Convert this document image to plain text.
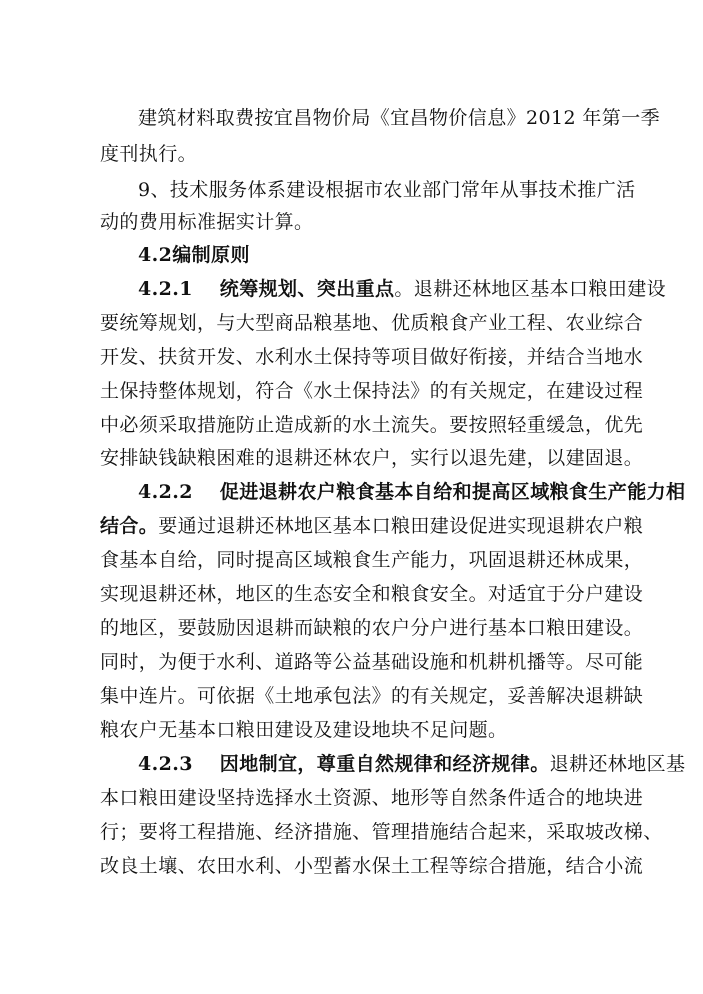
建筑材料取费按宜昌物价局《宜昌物价信息》2012 年第一季
度刊执行。
9、技术服务体系建设根据市农业部门常年从事技术推广活
动的费用标准据实计算。
4.2编制原则
4.2.1 统筹规划、突出重点。退耕还林地区基本口粮田建设
要统筹规划，与大型商品粮基地、优质粮食产业工程、农业综合
开发、扶贫开发、水利水土保持等项目做好衔接，并结合当地水
土保持整体规划，符合《水土保持法》的有关规定，在建设过程
中必须采取措施防止造成新的水土流失。要按照轻重缓急，优先
安排缺钱缺粮困难的退耕还林农户，实行以退先建，以建固退。
4.2.2 促进退耕农户粮食基本自给和提高区域粮食生产能力相
结合。要通过退耕还林地区基本口粮田建设促进实现退耕农户粮
食基本自给，同时提高区域粮食生产能力，巩固退耕还林成果，
实现退耕还林，地区的生态安全和粮食安全。对适宜于分户建设
的地区，要鼓励因退耕而缺粮的农户分户进行基本口粮田建设。
同时，为便于水利、道路等公益基础设施和机耕机播等。尽可能
集中连片。可依据《土地承包法》的有关规定，妥善解决退耕缺
粮农户无基本口粮田建设及建设地块不足问题。
4.2.3 因地制宜，尊重自然规律和经济规律。退耕还林地区基
本口粮田建设坚持选择水土资源、地形等自然条件适合的地块进
行；要将工程措施、经济措施、管理措施结合起来，采取坡改梯、
改良土壤、农田水利、小型蓄水保土工程等综合措施，结合小流
